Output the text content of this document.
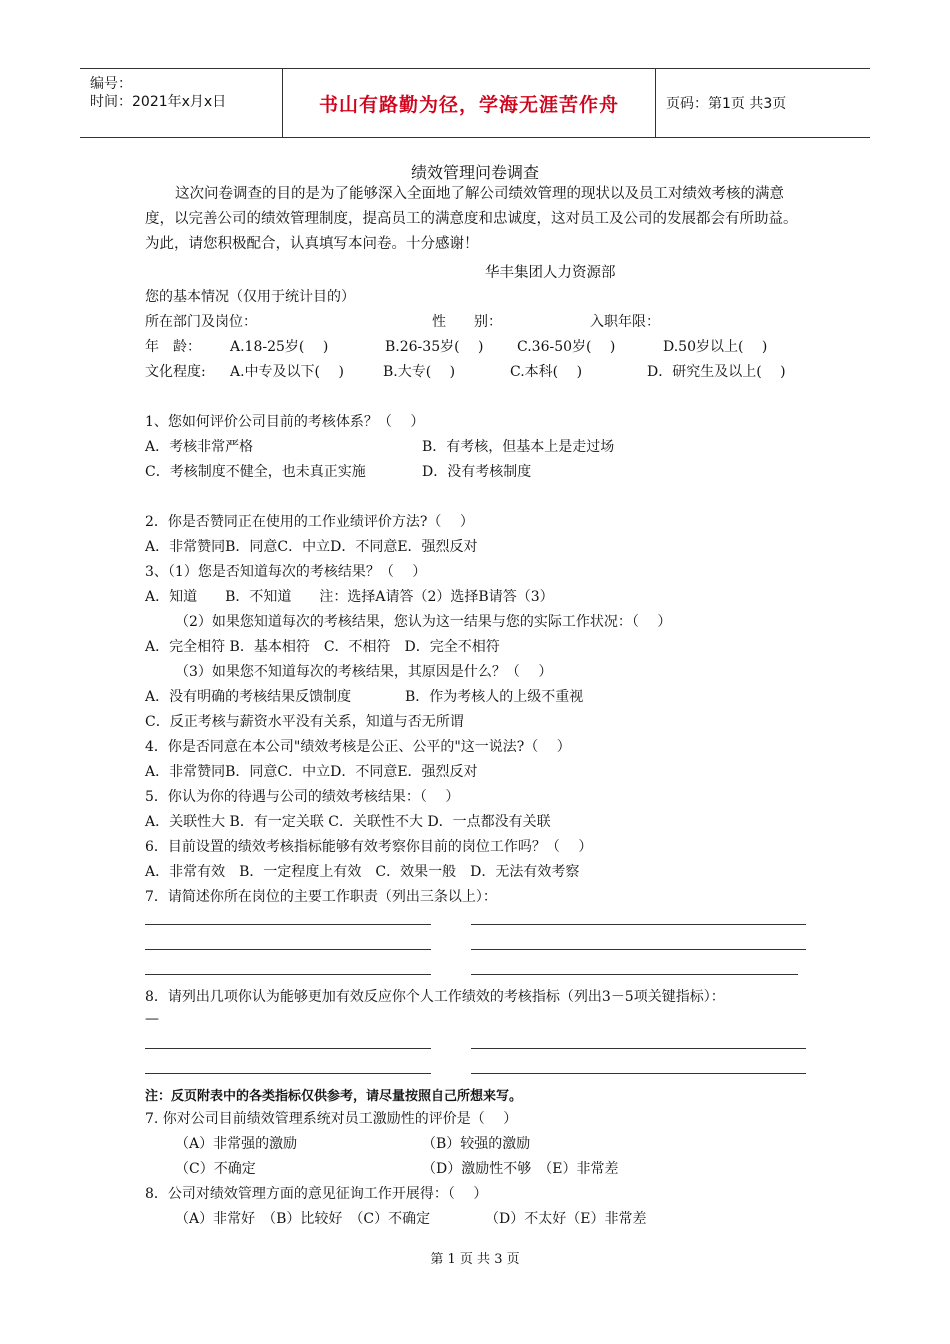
编号：
时间：2021年x月x日	书山有路勤为径，学海无涯苦作舟	页码：第1页 共3页
绩效管理问卷调查
这次问卷调查的目的是为了能够深入全面地了解公司绩效管理的现状以及员工对绩效考核的满意度，以完善公司的绩效管理制度，提高员工的满意度和忠诚度，这对员工及公司的发展都会有所助益。为此，请您积极配合，认真填写本问卷。十分感谢！
华丰集团人力资源部
您的基本情况（仅用于统计目的）
所在部门及岗位：	性　　别：	入职年限：
年　龄： A.18-25岁(　 )	B.26-35岁(　 ) C.36-50岁(　 )	D.50岁以上(　 )
文化程度: A.中专及以下(　 )	B.大专(　 )	C.本科(　 )	D．研究生及以上(　 )
1、您如何评价公司目前的考核体系？（　 ）
A．考核非常严格	B．有考核，但基本上是走过场
C．考核制度不健全，也未真正实施	D．没有考核制度
2．你是否赞同正在使用的工作业绩评价方法?（　 ）
A．非常赞同B．同意C．中立D．不同意E．强烈反对
3、（1）您是否知道每次的考核结果？（　 ）
A．知道　　B．不知道　　注：选择A请答（2）选择B请答（3）
（2）如果您知道每次的考核结果，您认为这一结果与您的实际工作状况：（　 ）
A．完全相符 B．基本相符　C．不相符　D．完全不相符
（3）如果您不知道每次的考核结果，其原因是什么？（　 ）
A．没有明确的考核结果反馈制度	B．作为考核人的上级不重视
C．反正考核与薪资水平没有关系，知道与否无所谓
4．你是否同意在本公司"绩效考核是公正、公平的"这一说法?（　 ）
A．非常赞同B．同意C．中立D．不同意E．强烈反对
5．你认为你的待遇与公司的绩效考核结果：（　 ）
A．关联性大 B．有一定关联 C．关联性不大 D．一点都没有关联
6．目前设置的绩效考核指标能够有效考察你目前的岗位工作吗？（　 ）
A．非常有效　B．一定程度上有效　C．效果一般　D．无法有效考察
7．请简述你所在岗位的主要工作职责（列出三条以上）：
8．请列出几项你认为能够更加有效反应你个人工作绩效的考核指标（列出3－5项关键指标）：
—
注：反页附表中的各类指标仅供参考，请尽量按照自己所想来写。
7. 你对公司目前绩效管理系统对员工激励性的评价是（　 ）
（A）非常强的激励	（B）较强的激励
（C）不确定	（D）激励性不够　（E）非常差
8．公司对绩效管理方面的意见征询工作开展得：（　 ）
（A）非常好　（B）比较好　（C）不确定	（D）不太好（E）非常差
第 1 页 共 3 页
